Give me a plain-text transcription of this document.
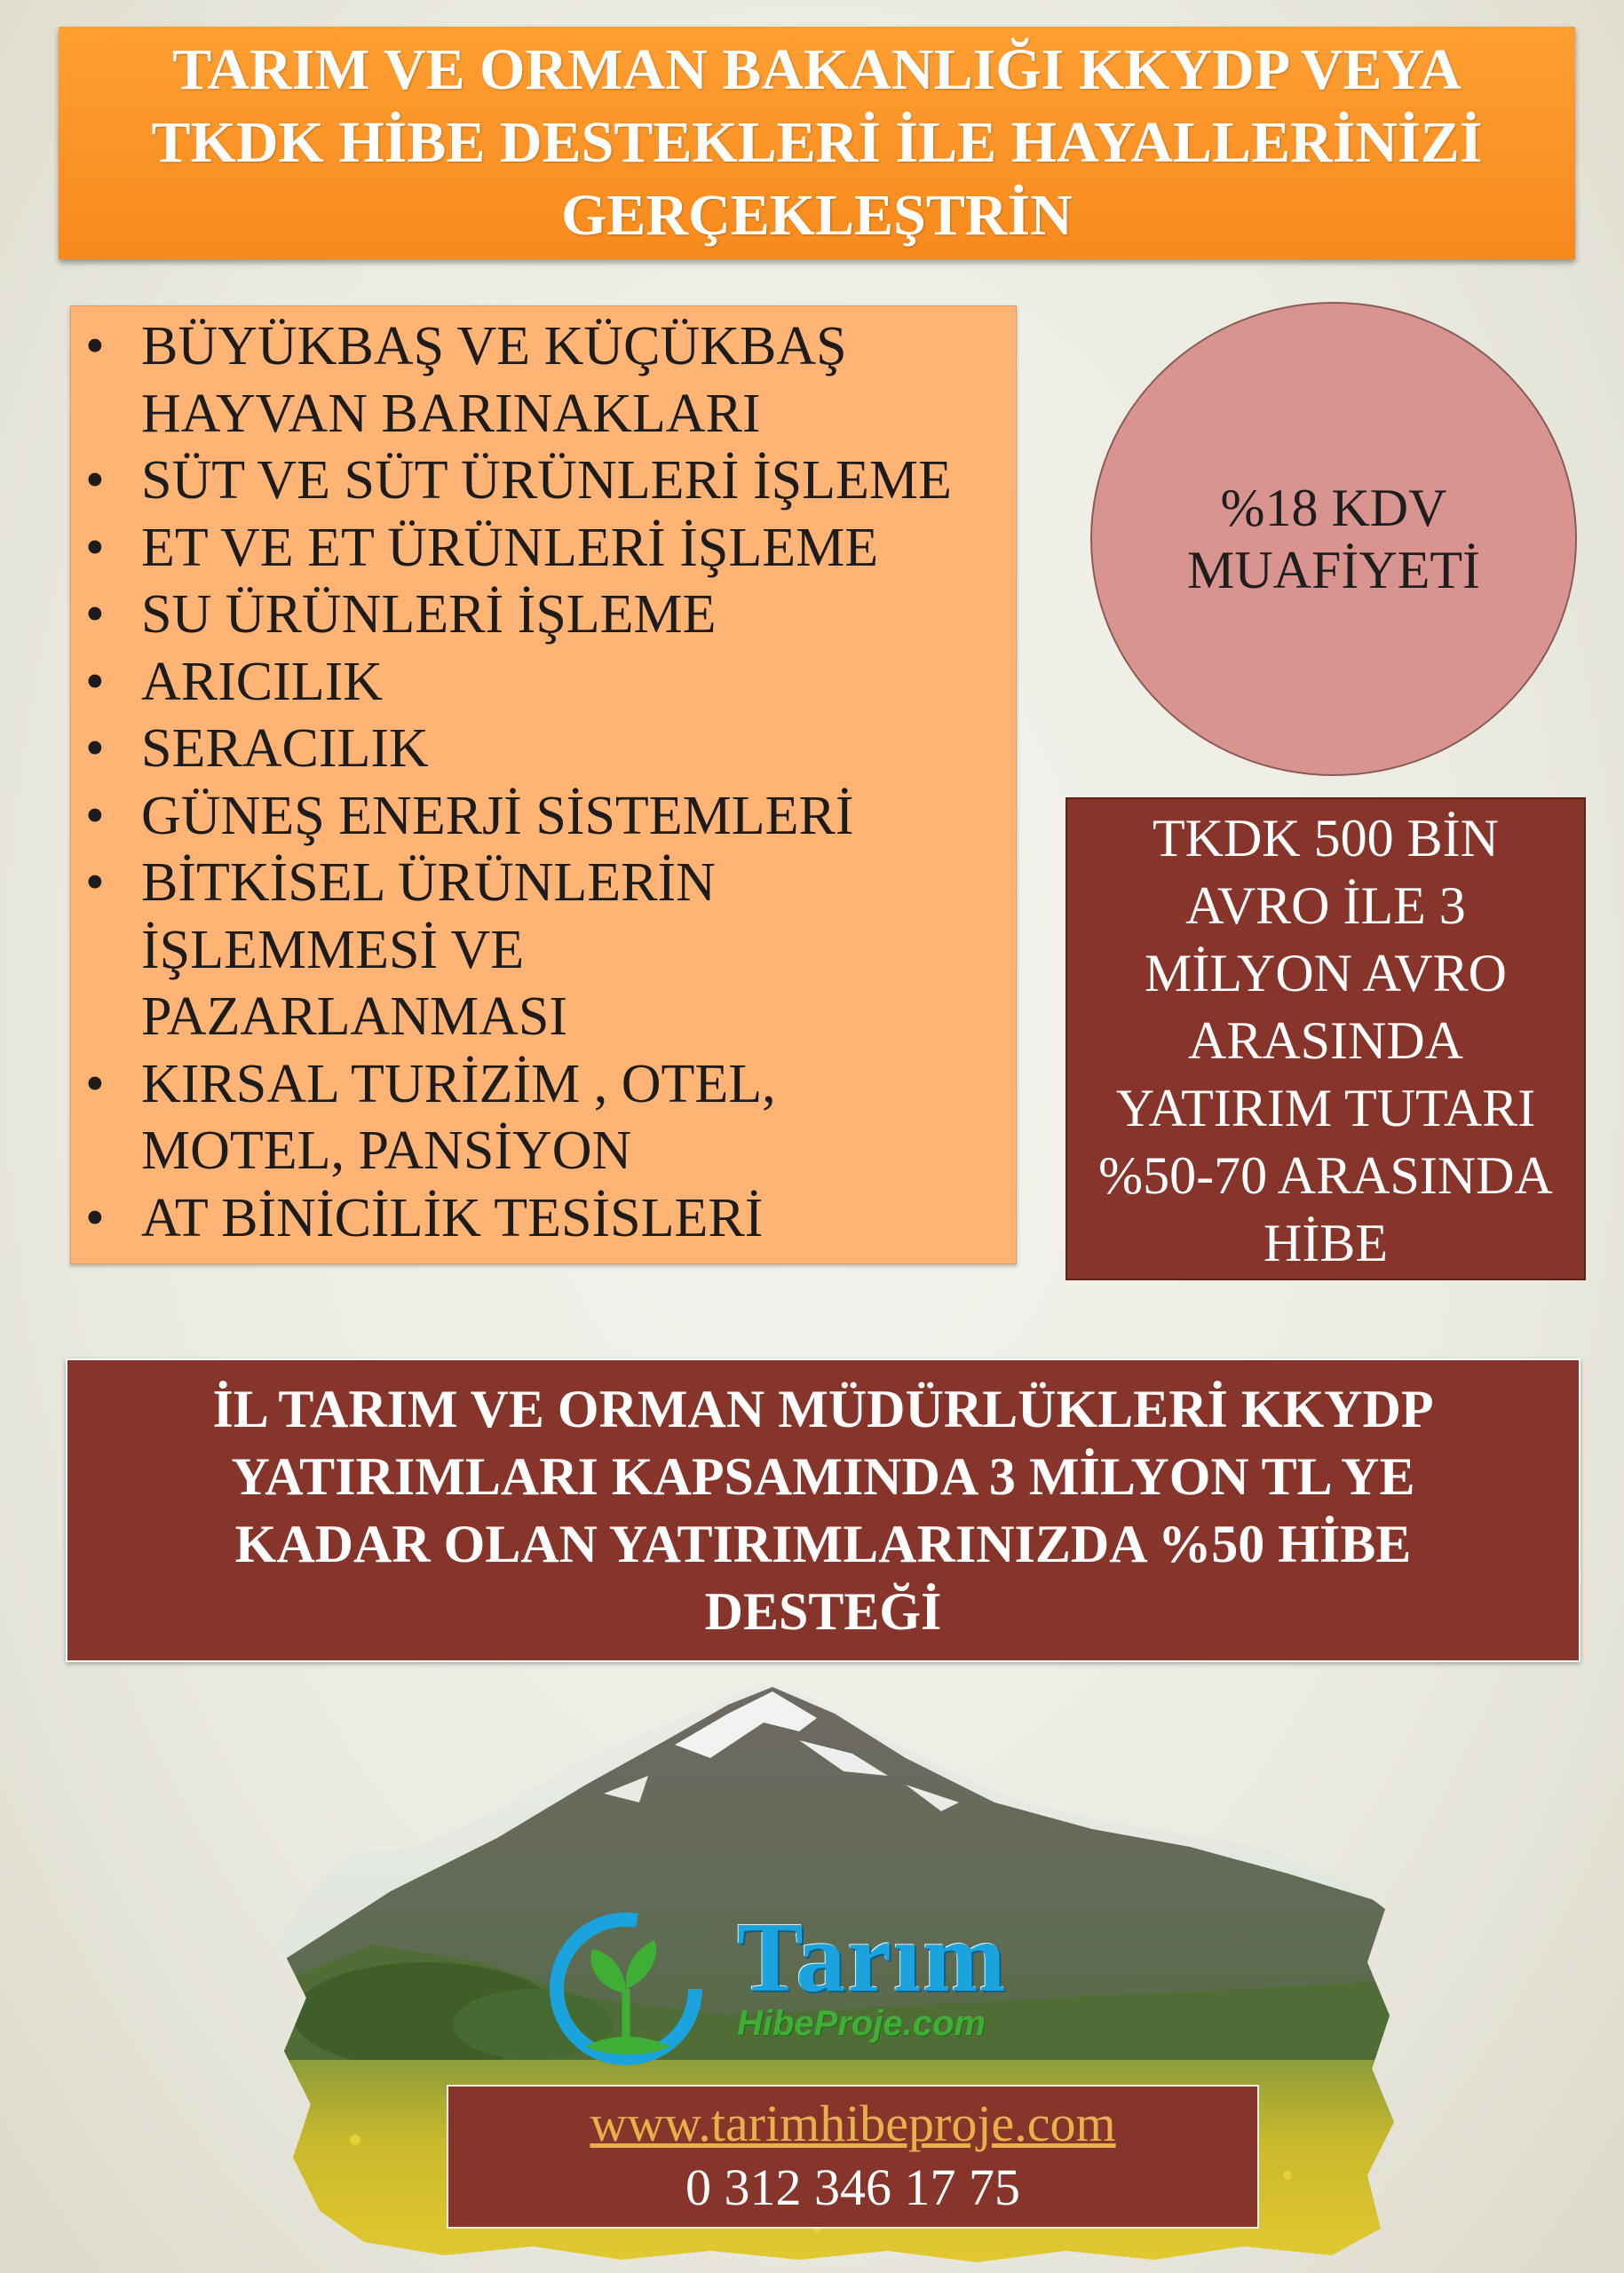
TARIM VE ORMAN BAKANLIĞI KKYDP VEYA
TKDK HİBE DESTEKLERİ İLE HAYALLERİNİZİ
GERÇEKLEŞTRİN
• BÜYÜKBAŞ VE KÜÇÜKBAŞ
HAYVAN BARINAKLARI
• SÜT VE SÜT ÜRÜNLERİ İŞLEME
• ET VE ET ÜRÜNLERİ İŞLEME
• SU ÜRÜNLERİ İŞLEME
• ARICILIK
• SERACILIK
• GÜNEŞ ENERJİ SİSTEMLERİ
• BİTKİSEL ÜRÜNLERİN
İŞLEMMESİ VE
PAZARLANMASI
• KIRSAL TURİZİM , OTEL,
MOTEL, PANSİYON
• AT BİNİCİLİK TESİSLERİ
%18 KDV
MUAFİYETİ
TKDK 500 BİN
AVRO İLE 3
MİLYON AVRO
ARASINDA
YATIRIM TUTARI
%50-70 ARASINDA
HİBE
İL TARIM VE ORMAN MÜDÜRLÜKLERİ KKYDP
YATIRIMLARI KAPSAMINDA 3 MİLYON TL YE
KADAR OLAN YATIRIMLARINIZDA %50 HİBE
DESTEĞİ
Tarım
HibeProje.com
www.tarimhibeproje.com
0 312 346 17 75
